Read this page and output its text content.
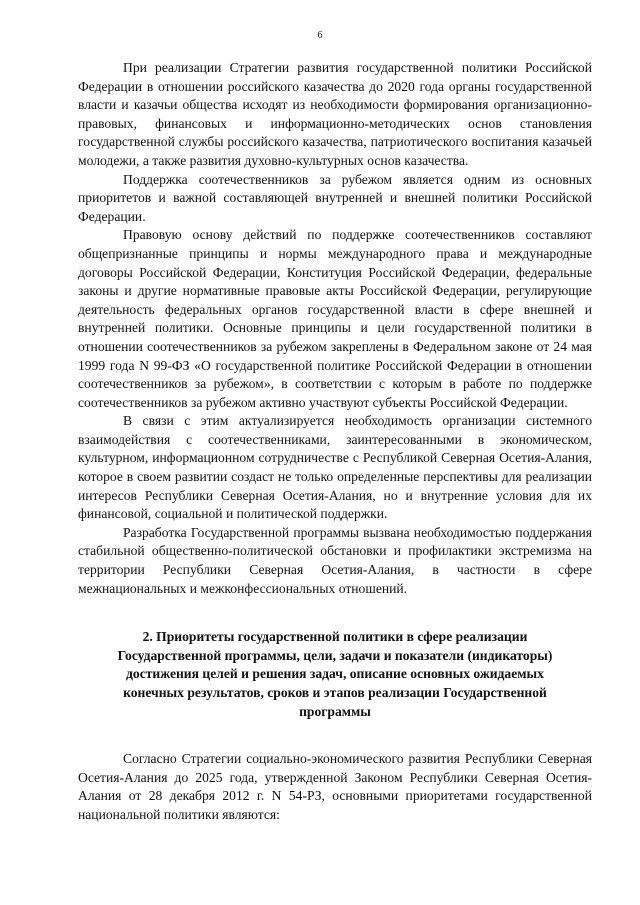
6

При реализации Стратегии развития государственной политики Российской Федерации в отношении российского казачества до 2020 года органы государственной власти и казачьи общества исходят из необходимости формирования организационно-правовых, финансовых и информационно-методических основ становления государственной службы российского казачества, патриотического воспитания казачьей молодежи, а также развития духовно-культурных основ казачества.

Поддержка соотечественников за рубежом является одним из основных приоритетов и важной составляющей внутренней и внешней политики Российской Федерации.

Правовую основу действий по поддержке соотечественников составляют общепризнанные принципы и нормы международного права и международные договоры Российской Федерации, Конституция Российской Федерации, федеральные законы и другие нормативные правовые акты Российской Федерации, регулирующие деятельность федеральных органов государственной власти в сфере внешней и внутренней политики. Основные принципы и цели государственной политики в отношении соотечественников за рубежом закреплены в Федеральном законе от 24 мая 1999 года N 99-ФЗ «О государственной политике Российской Федерации в отношении соотечественников за рубежом», в соответствии с которым в работе по поддержке соотечественников за рубежом активно участвуют субъекты Российской Федерации.

В связи с этим актуализируется необходимость организации системного взаимодействия с соотечественниками, заинтересованными в экономическом, культурном, информационном сотрудничестве с Республикой Северная Осетия-Алания, которое в своем развитии создаст не только определенные перспективы для реализации интересов Республики Северная Осетия-Алания, но и внутренние условия для их финансовой, социальной и политической поддержки.

Разработка Государственной программы вызвана необходимостью поддержания стабильной общественно-политической обстановки и профилактики экстремизма на территории Республики Северная Осетия-Алания, в частности в сфере межнациональных и межконфессиональных отношений.

2. Приоритеты государственной политики в сфере реализации Государственной программы, цели, задачи и показатели (индикаторы) достижения целей и решения задач, описание основных ожидаемых конечных результатов, сроков и этапов реализации Государственной программы

Согласно Стратегии социально-экономического развития Республики Северная Осетия-Алания до 2025 года, утвержденной Законом Республики Северная Осетия-Алания от 28 декабря 2012 г. N 54-РЗ, основными приоритетами государственной национальной политики являются:
